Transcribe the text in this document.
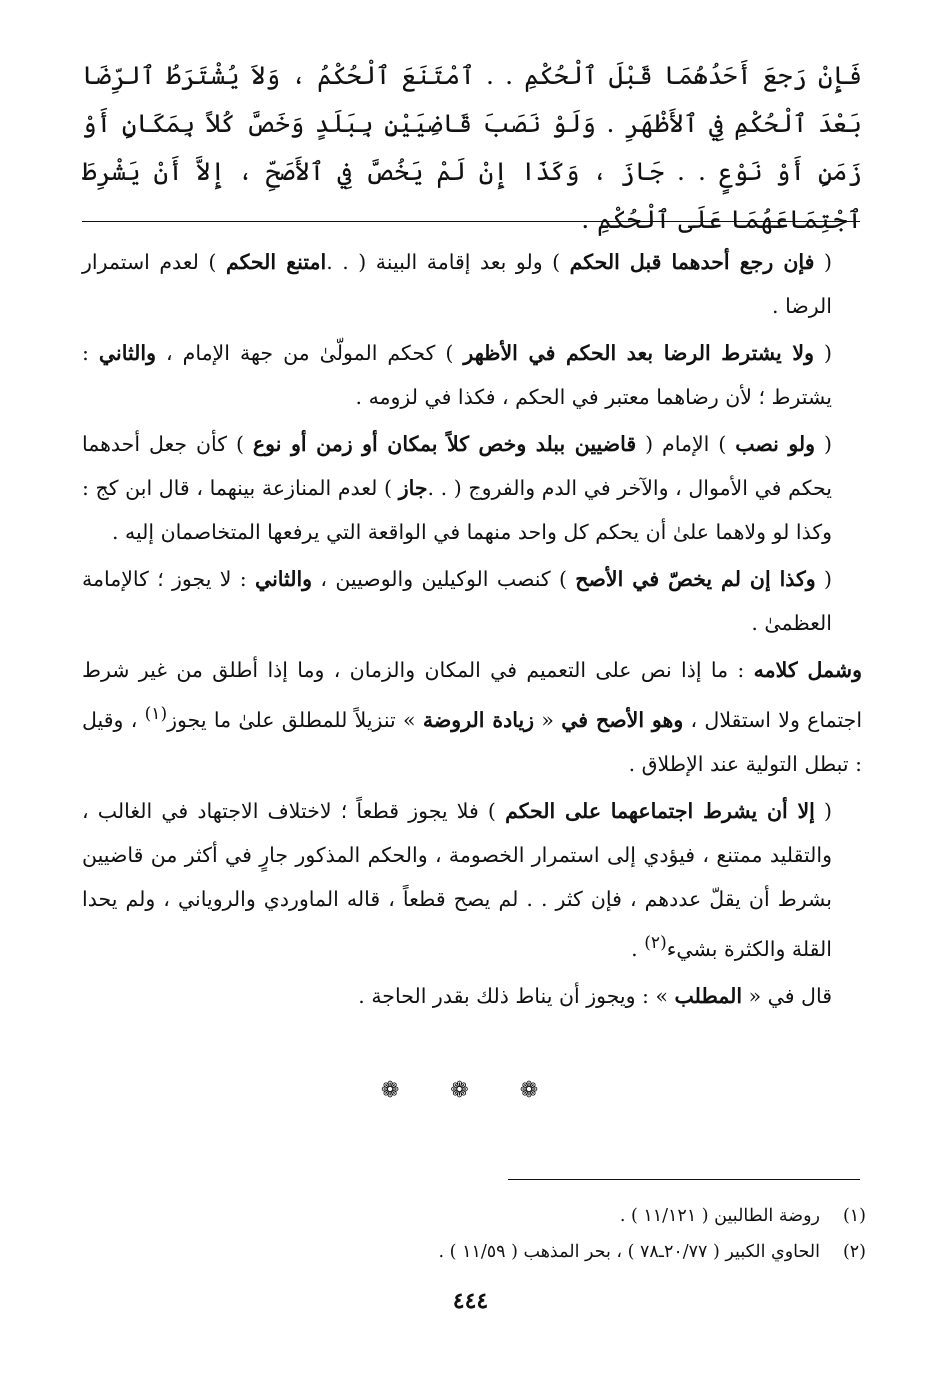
فَإِنْ رَجعَ أَحَدُهُمَا قَبْلَ ٱلْحُكْمِ . . ٱمْتَنَعَ ٱلْحُكْمُ ، وَلاَ يُشْتَرَطُ ٱلرِّضَا بَعْدَ ٱلْحُكْمِ فِي ٱلأَظْهَرِ . وَلَوْ نَصَبَ قَاضِيَيْنِ بِبَلَدٍ وَخَصَّ كُلاً بِمَكَانٍ أَوْ زَمَنٍ أَوْ نَوْعٍ . . جَازَ ، وَكَذَا إِنْ لَمْ يَخُصَّ فِي ٱلأَصَحِّ ، إِلاَّ أَنْ يَشْرِطَ ٱجْتِمَاعَهُمَا عَلَى ٱلْحُكْمِ .

( فإن رجع أحدهما قبل الحكم ) ولو بعد إقامة البينة ( . .امتنع الحكم ) لعدم استمرار الرضا .

( ولا يشترط الرضا بعد الحكم في الأظهر ) كحكم المولّىٰ من جهة الإمام ، والثاني : يشترط ؛ لأن رضاهما معتبر في الحكم ، فكذا في لزومه .

( ولو نصب ) الإمام ( قاضيين ببلد وخص كلاً بمكان أو زمن أو نوع ) كأن جعل أحدهما يحكم في الأموال ، والآخر في الدم والفروج ( . .جاز ) لعدم المنازعة بينهما ، قال ابن كج : وكذا لو ولاهما علىٰ أن يحكم كل واحد منهما في الواقعة التي يرفعها المتخاصمان إليه .

( وكذا إن لم يخصّ في الأصح ) كنصب الوكيلين والوصيين ، والثاني : لا يجوز ؛ كالإمامة العظمىٰ .

وشمل كلامه : ما إذا نص على التعميم في المكان والزمان ، وما إذا أطلق من غير شرط اجتماع ولا استقلال ، وهو الأصح في « زيادة الروضة » تنزيلاً للمطلق علىٰ ما يجوز$^{(١)}$ ، وقيل : تبطل التولية عند الإطلاق .

( إلا أن يشرط اجتماعهما على الحكم ) فلا يجوز قطعاً ؛ لاختلاف الاجتهاد في الغالب ، والتقليد ممتنع ، فيؤدي إلى استمرار الخصومة ، والحكم المذكور جارٍ في أكثر من قاضيين بشرط أن يقلّ عددهم ، فإن كثر . . لم يصح قطعاً ، قاله الماوردي والروياني ، ولم يحدا القلة والكثرة بشيء$^{(٢)}$ .

قال في « المطلب » : ويجوز أن يناط ذلك بقدر الحاجة .

❁ ❁ ❁
(١)
روضة الطالبين ( ١١/١٢١ ) .
(٢)
الحاوي الكبير ( ٢٠/٧٧ـ٧٨ ) ، بحر المذهب ( ١١/٥٩ ) .
٤٤٤
